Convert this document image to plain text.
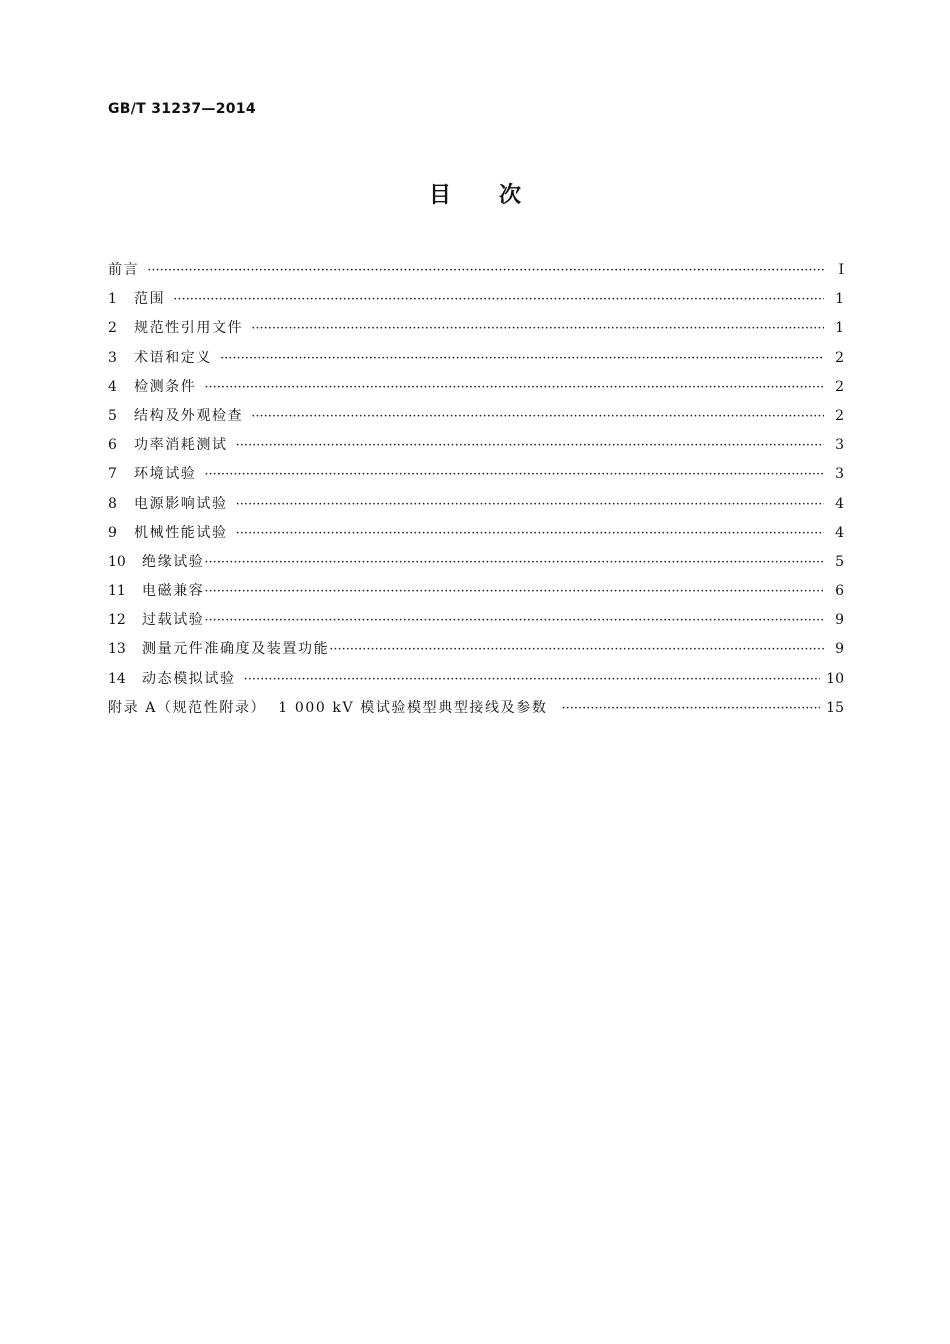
GB/T 31237—2014
目次
前言 ·····	Ⅰ
1	范围 ·····	1
2	规范性引用文件 ·····	1
3	术语和定义 ·····	2
4	检测条件 ·····	2
5	结构及外观检查 ·····	2
6	功率消耗测试 ·····	3
7	环境试验 ·····	3
8	电源影响试验 ·····	4
9	机械性能试验 ·····	4
10	绝缘试验 ·····	5
11	电磁兼容 ·····	6
12	过载试验 ·····	9
13	测量元件准确度及装置功能 ·····	9
14	动态模拟试验 ·····	10
附录 A（规范性附录）  1 000 kV 模试验模型典型接线及参数 ·····	15
